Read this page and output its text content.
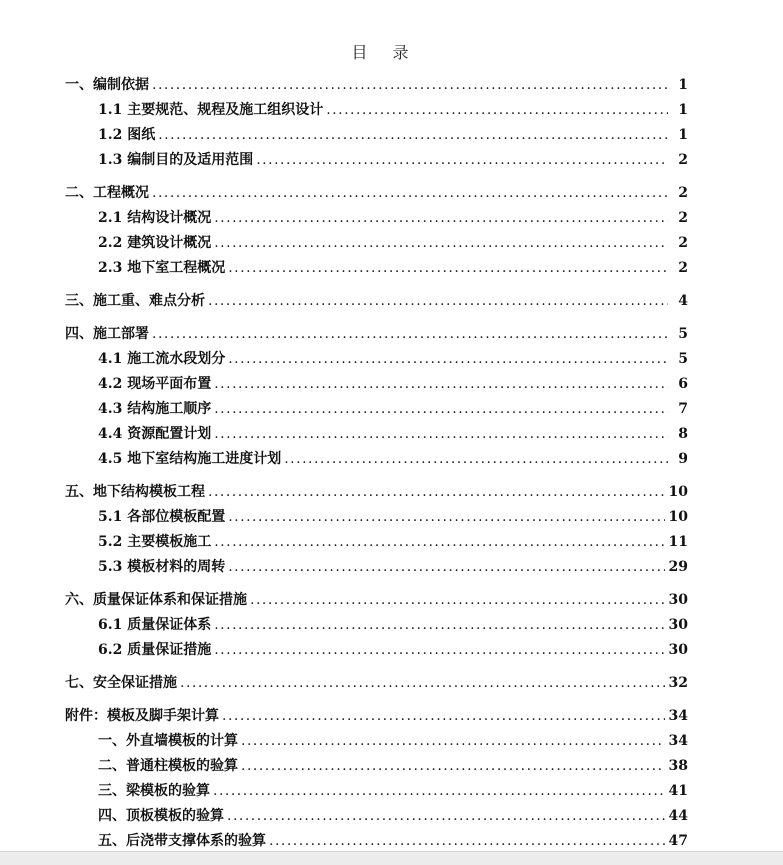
目 录
一、编制依据 .....	1
1.1 主要规范、规程及施工组织设计 .....	1
1.2 图纸 .....	1
1.3 编制目的及适用范围 .....	2
二、工程概况 .....	2
2.1 结构设计概况 .....	2
2.2 建筑设计概况 .....	2
2.3 地下室工程概况 .....	2
三、施工重、难点分析 .....	4
四、施工部署 .....	5
4.1 施工流水段划分 .....	5
4.2 现场平面布置 .....	6
4.3 结构施工顺序 .....	7
4.4 资源配置计划 .....	8
4.5 地下室结构施工进度计划 .....	9
五、地下结构模板工程 .....	10
5.1 各部位模板配置 .....	10
5.2 主要模板施工 .....	11
5.3 模板材料的周转 .....	29
六、质量保证体系和保证措施 .....	30
6.1 质量保证体系 .....	30
6.2 质量保证措施 .....	30
七、安全保证措施 .....	32
附件：模板及脚手架计算 .....	34
一、外直墙模板的计算 .....	34
二、普通柱模板的验算 .....	38
三、梁模板的验算 .....	41
四、顶板模板的验算 .....	44
五、后浇带支撑体系的验算 .....	47
